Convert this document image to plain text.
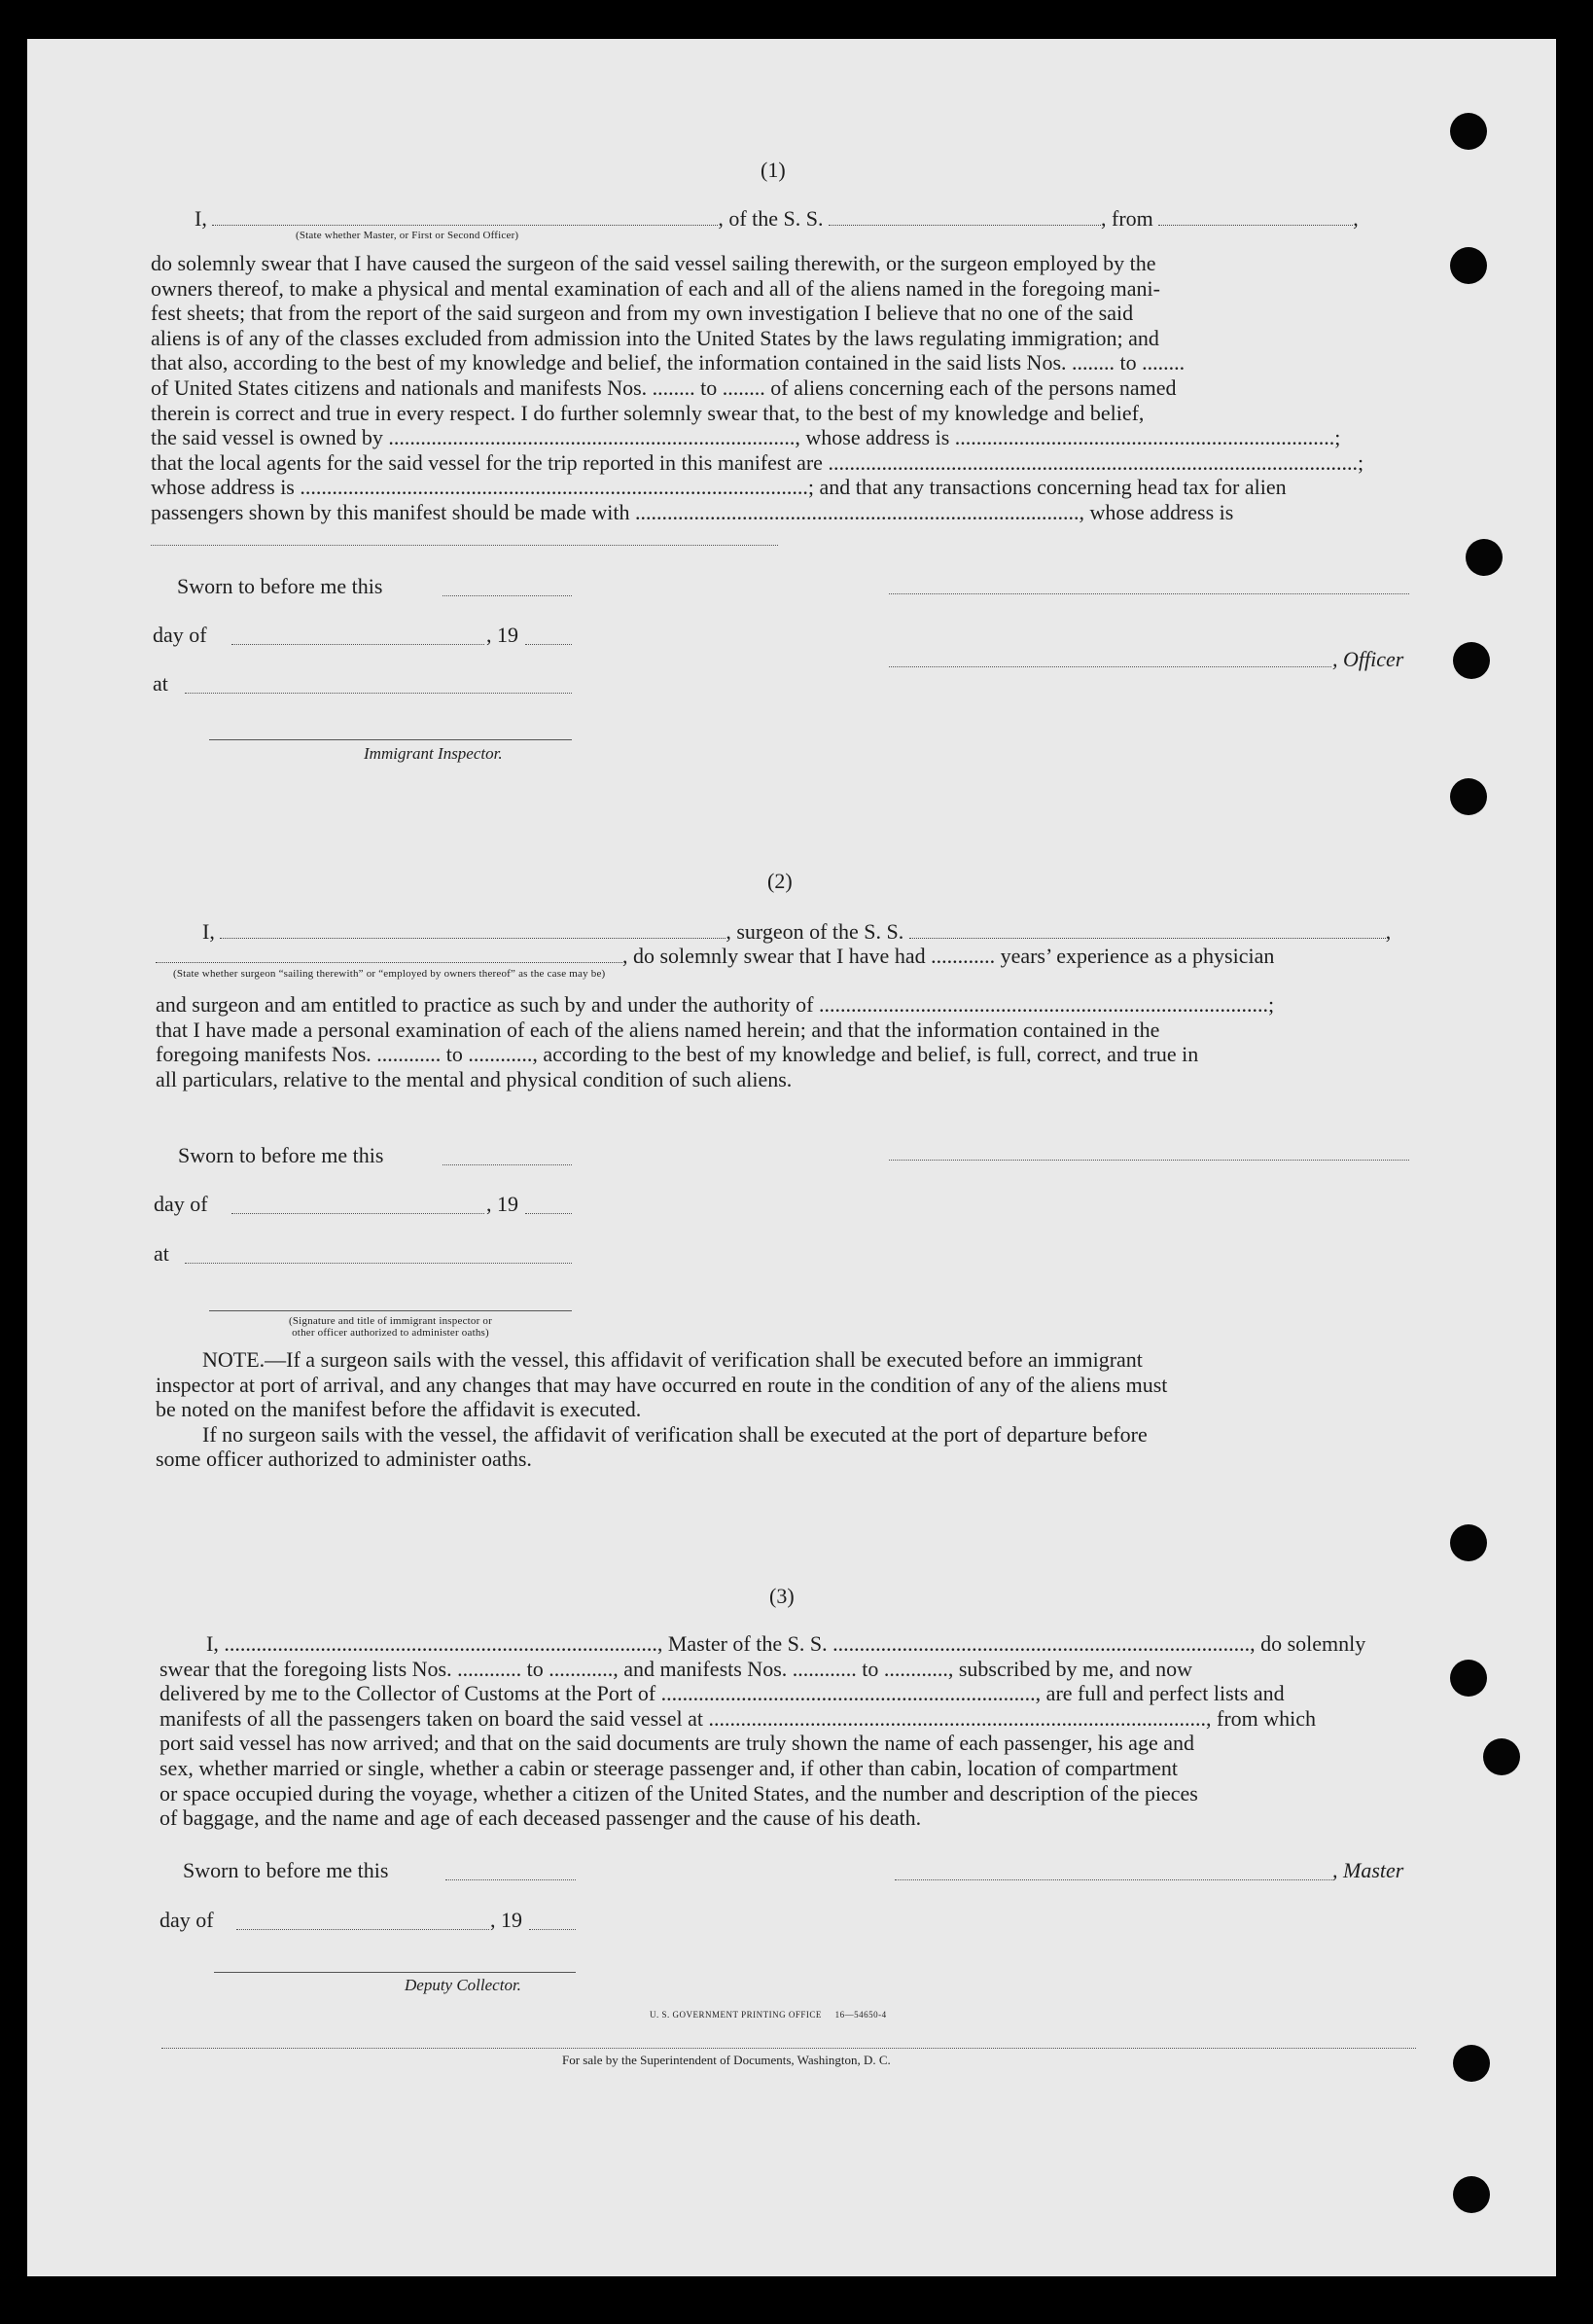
(1)
I,	, of the S. S.	, from	,
(State whether Master, or First or Second Officer)

do solemnly swear that I have caused the surgeon of the said vessel sailing therewith, or the surgeon employed by the

owners thereof, to make a physical and mental examination of each and all of the aliens named in the foregoing mani-

fest sheets; that from the report of the said surgeon and from my own investigation I believe that no one of the said

aliens is of any of the classes excluded from admission into the United States by the laws regulating immigration; and

that also, according to the best of my knowledge and belief, the information contained in the said lists Nos. ........ to ........

of United States citizens and nationals and manifests Nos. ........ to ........ of aliens concerning each of the persons named

therein is correct and true in every respect. I do further solemnly swear that, to the best of my knowledge and belief,

the said vessel is owned by ............................................................................, whose address is .......................................................................;

that the local agents for the said vessel for the trip reported in this manifest are ...................................................................................................;

whose address is ...............................................................................................; and that any transactions concerning head tax for alien

passengers shown by this manifest should be made with ..................................................................................., whose address is

Sworn to before me this
day of	, 19
, Officer
at
Immigrant Inspector.
(2)
I,	, surgeon of the S. S.	,
, do solemnly swear that I have had ............ years’ experience as a physician
(State whether surgeon “sailing therewith” or “employed by owners thereof” as the case may be)

and surgeon and am entitled to practice as such by and under the authority of ....................................................................................;

that I have made a personal examination of each of the aliens named herein; and that the information contained in the

foregoing manifests Nos. ............ to ............, according to the best of my knowledge and belief, is full, correct, and true in

all particulars, relative to the mental and physical condition of such aliens.

Sworn to before me this
day of	, 19
at
(Signature and title of immigrant inspector or
other officer authorized to administer oaths)

NOTE.—If a surgeon sails with the vessel, this affidavit of verification shall be executed before an immigrant

inspector at port of arrival, and any changes that may have occurred en route in the condition of any of the aliens must

be noted on the manifest before the affidavit is executed.

If no surgeon sails with the vessel, the affidavit of verification shall be executed at the port of departure before

some officer authorized to administer oaths.

(3)

I, ................................................................................., Master of the S. S. .............................................................................., do solemnly

swear that the foregoing lists Nos. ............ to ............, and manifests Nos. ............ to ............, subscribed by me, and now

delivered by me to the Collector of Customs at the Port of ......................................................................, are full and perfect lists and

manifests of all the passengers taken on board the said vessel at ............................................................................................., from which

port said vessel has now arrived; and that on the said documents are truly shown the name of each passenger, his age and

sex, whether married or single, whether a cabin or steerage passenger and, if other than cabin, location of compartment

or space occupied during the voyage, whether a citizen of the United States, and the number and description of the pieces

of baggage, and the name and age of each deceased passenger and the cause of his death.

Sworn to before me this	, Master
day of	, 19
Deputy Collector.
U. S. GOVERNMENT PRINTING OFFICE     16—54650-4
For sale by the Superintendent of Documents, Washington, D. C.
